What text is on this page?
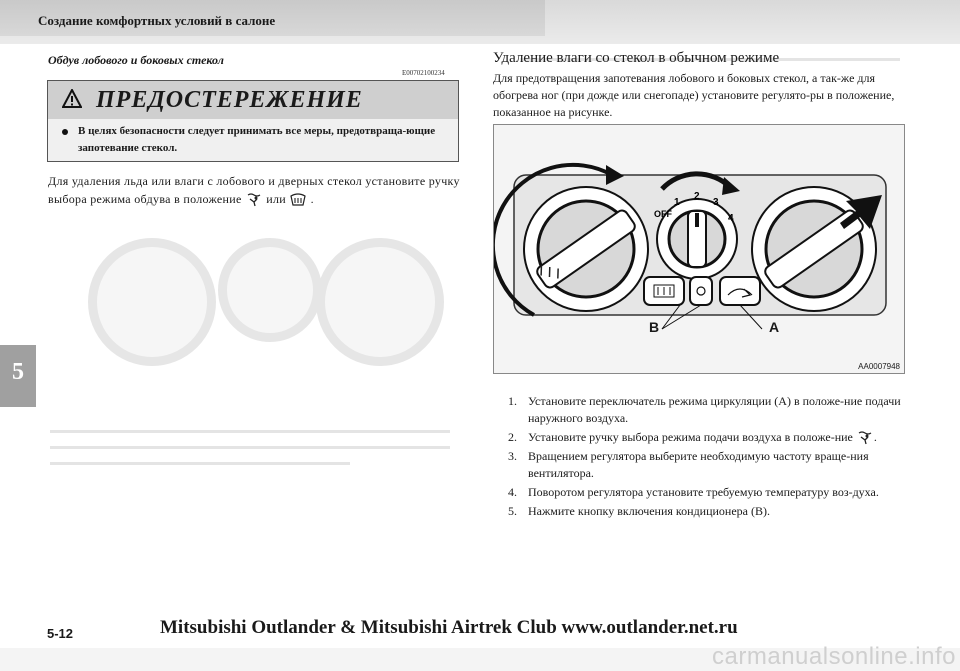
Создание комфортных условий в салоне
Обдув лобового и боковых стекол
E00702100234
ПРЕДОСТЕРЕЖЕНИЕ
В целях безопасности следует принимать все меры, предотвраща-ющие запотевание стекол.
Для удаления льда или влаги с лобового и дверных стекол установите ручку выбора режима обдува в положение или .
5
Удаление влаги со стекол в обычном режиме
Для предотвращения запотевания лобового и боковых стекол, а так-же для обогрева ног (при дожде или снегопаде) установите регулято-ры в положение, показанное на рисунке.
OFF
1
2
3
4
B	A
AA0007948
1. Установите переключатель режима циркуляции (А) в положе-ние подачи наружного воздуха.
2. Установите ручку выбора режима подачи воздуха в положе-ние .
3. Вращением регулятора выберите необходимую частоту враще-ния вентилятора.
4. Поворотом регулятора установите требуемую температуру воз-духа.
5. Нажмите кнопку включения кондиционера (B).
5-12	Mitsubishi Outlander & Mitsubishi Airtrek Club www.outlander.net.ru
carmanualsonline.info
